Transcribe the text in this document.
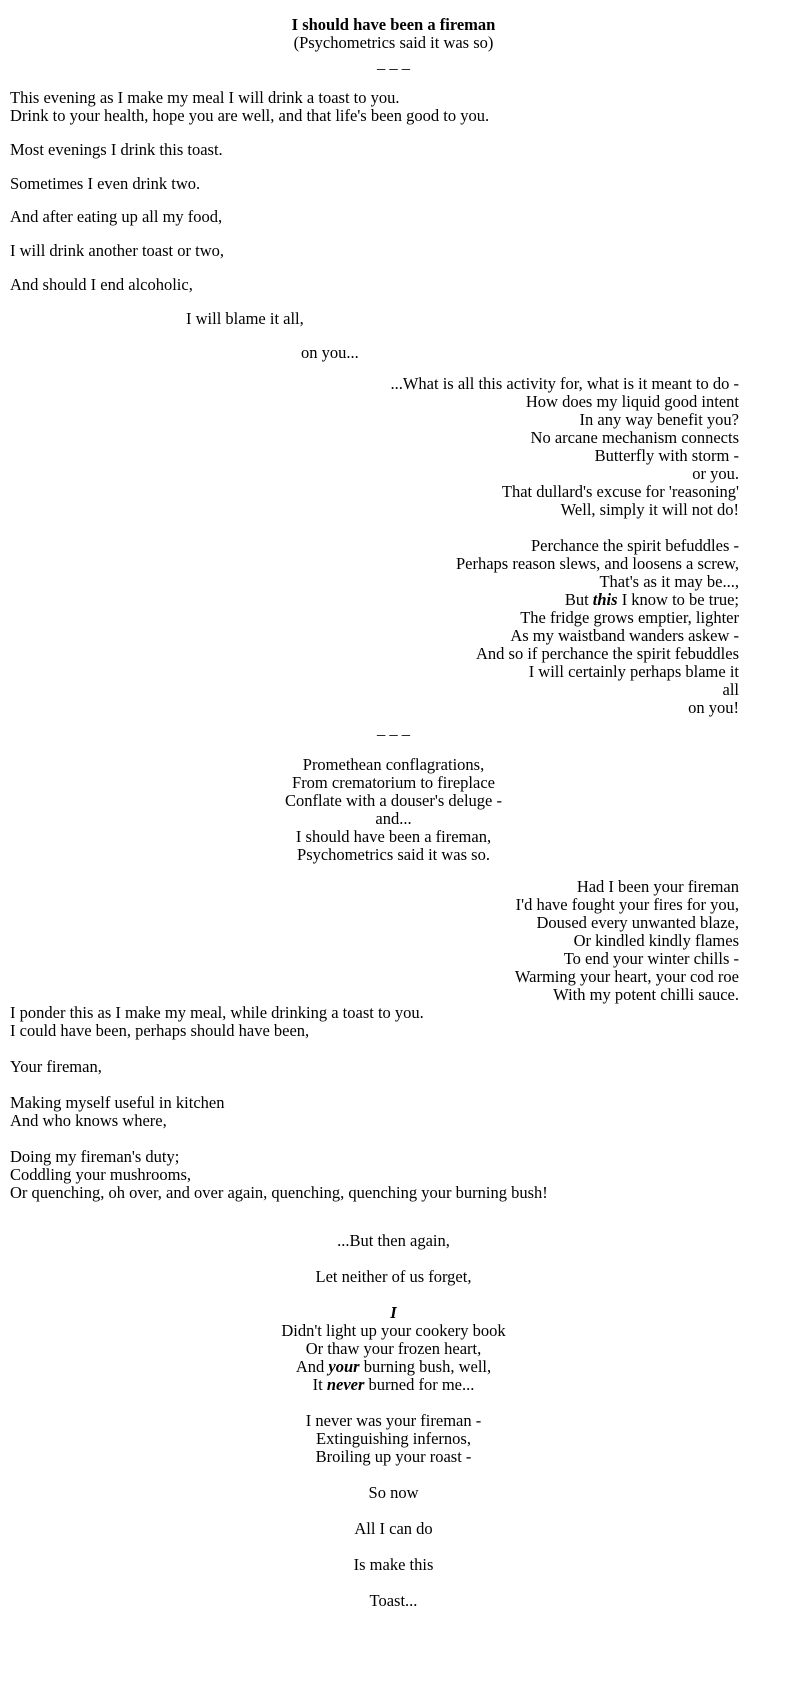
I should have been a fireman
(Psychometrics said it was so)
_ _ _
This evening as I make my meal I will drink a toast to you.
Drink to your health, hope you are well, and that life's been good to you.
Most evenings I drink this toast.
Sometimes I even drink two.
And after eating up all my food,
I will drink another toast or two,
And should I end alcoholic,
I will blame it all,
on you...
...What is all this activity for, what is it meant to do -
How does my liquid good intent
In any way benefit you?
No arcane mechanism connects
Butterfly with storm -
or you.
That dullard's excuse for 'reasoning'
Well, simply it will not do!
Perchance the spirit befuddles -
Perhaps reason slews, and loosens a screw,
That's as it may be...,
But this I know to be true;
The fridge grows emptier, lighter
As my waistband wanders askew -
And so if perchance the spirit febuddles
I will certainly perhaps blame it
all
on you!
_ _ _
Promethean conflagrations,
From crematorium to fireplace
Conflate with a douser's deluge -
and...
I should have been a fireman,
Psychometrics said it was so.
Had I been your fireman
I'd have fought your fires for you,
Doused every unwanted blaze,
Or kindled kindly flames
To end your winter chills -
Warming your heart, your cod roe
With my potent chilli sauce.
I ponder this as I make my meal, while drinking a toast to you.
I could have been, perhaps should have been,
Your fireman,
Making myself useful in kitchen
And who knows where,
Doing my fireman's duty;
Coddling your mushrooms,
Or quenching, oh over, and over again, quenching, quenching your burning bush!
...But then again,
Let neither of us forget,
I
Didn't light up your cookery book
Or thaw your frozen heart,
And your burning bush, well,
It never burned for me...
I never was your fireman -
Extinguishing infernos,
Broiling up your roast -
So now
All I can do
Is make this
Toast...
